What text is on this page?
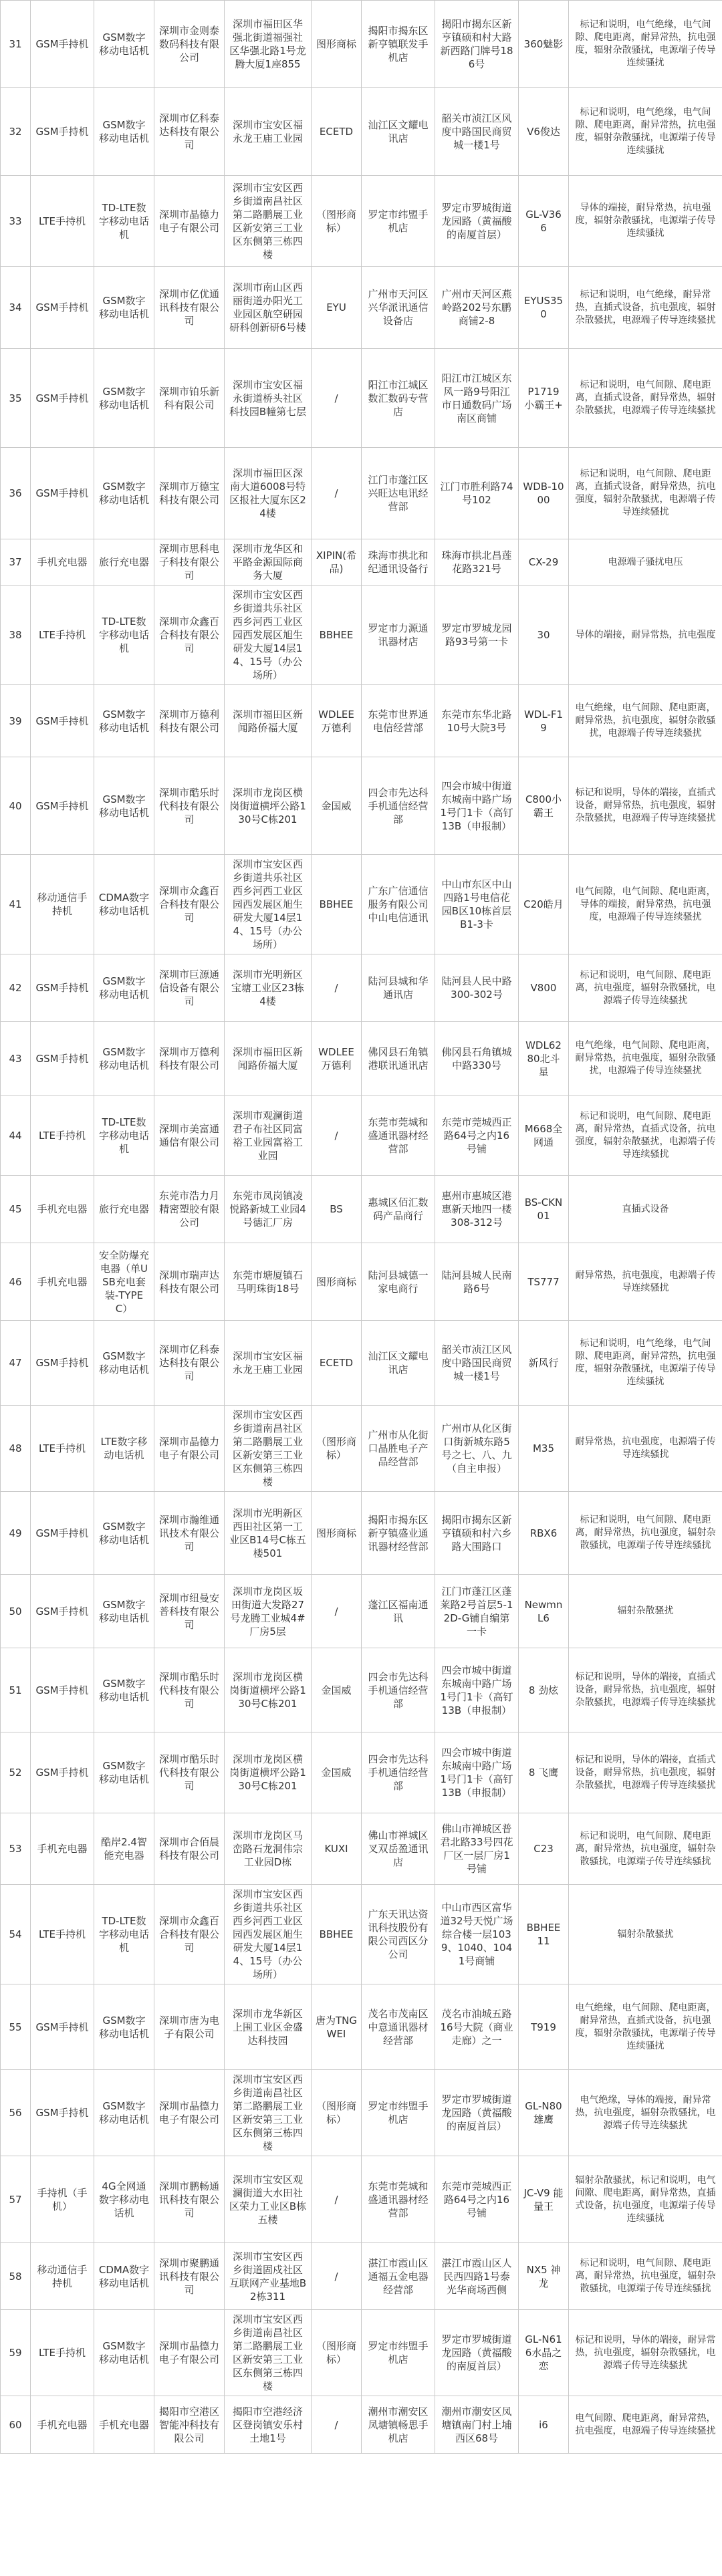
31	GSM手持机	GSM数字移动电话机	深圳市金则泰数码科技有限公司	深圳市福田区华强北街道福强社区华强北路1号龙腾大厦1座855	图形商标	揭阳市揭东区新亨镇联发手机店	揭阳市揭东区新亨镇硕和村大路新西路门牌号186号	360魅影	标记和说明，电气绝缘，电气间隙、爬电距离，耐异常热，抗电强度，辐射杂散骚扰，电源端子传导连续骚扰
32	GSM手持机	GSM数字移动电话机	深圳市亿科泰达科技有限公司	深圳市宝安区福永龙王庙工业园	ECETD	汕江区文耀电讯店	韶关市浈江区风度中路国民商贸城一楼1号	V6俊达	标记和说明，电气绝缘，电气间隙、爬电距离，耐异常热，抗电强度，辐射杂散骚扰，电源端子传导连续骚扰
33	LTE手持机	TD-LTE数字移动电话机	深圳市晶德力电子有限公司	深圳市宝安区西乡街道南昌社区第二路鹏展工业区新安第三工业区东侧第三栋四楼	（图形商标）	罗定市纬盟手机店	罗定市罗城街道龙园路（黄福酸的南厦首层）	GL-V366	导体的端接，耐异常热，抗电强度，辐射杂散骚扰，电源端子传导连续骚扰
34	GSM手持机	GSM数字移动电话机	深圳市亿优通讯科技有限公司	深圳市南山区西丽街道办阳光工业园区航空研园研科创新研6号楼	EYU	广州市天河区兴华派讯通信设备店	广州市天河区燕岭路202号东鹏商铺2-8	EYUS350	标记和说明，电气绝缘，耐异常热，直插式设备，抗电强度，辐射杂散骚扰，电源端子传导连续骚扰
35	GSM手持机	GSM数字移动电话机	深圳市铂乐新科有限公司	深圳市宝安区福永街道桥头社区科技园B幢第七层	/	阳江市江城区数汇数码专营店	阳江市江城区东风一路9号阳江市日通数码广场南区商铺	P1719小霸王+	标记和说明，电气间隙、爬电距离，直插式设备，耐异常热，辐射杂散骚扰，电源端子传导连续骚扰
36	GSM手持机	GSM数字移动电话机	深圳市万德宝科技有限公司	深圳市福田区深南大道6008号特区报社大厦东区24楼	/	江门市蓬江区兴旺达电讯经营部	江门市胜利路74号102	WDB-1000	标记和说明，电气间隙、爬电距离，直插式设备，耐异常热，抗电强度，辐射杂散骚扰，电源端子传导连续骚扰
37	手机充电器	旅行充电器	深圳市思科电子科技有限公司	深圳市龙华区和平路金源国际商务大厦	XIPIN(希品)	珠海市拱北和纪通讯设备行	珠海市拱北昌莲花路321号	CX-29	电源端子骚扰电压
38	LTE手持机	TD-LTE数字移动电话机	深圳市众鑫百合科技有限公司	深圳市宝安区西乡街道共乐社区西乡河西工业区园西发展区旭生研发大厦14层14、15号（办公场所）	BBHEE	罗定市力源通讯器材店	罗定市罗城龙园路93号第一卡	30	导体的端接，耐异常热，抗电强度
39	GSM手持机	GSM数字移动电话机	深圳市万德利科技有限公司	深圳市福田区新闻路侨福大厦	WDLEE万德利	东莞市世界通电信经营部	东莞市东华北路10号大院3号	WDL-F19	电气绝缘，电气间隙、爬电距离，耐异常热，抗电强度，辐射杂散骚扰，电源端子传导连续骚扰
40	GSM手持机	GSM数字移动电话机	深圳市酷乐时代科技有限公司	深圳市龙岗区横岗街道横坪公路130号C栋201	金国威	四会市先达科手机通信经营部	四会市城中街道东城南中路广场1号门1卡（高钉13B（申报制）	C800小霸王	标记和说明，导体的端接，直插式设备，耐异常热，抗电强度，辐射杂散骚扰，电源端子传导连续骚扰
41	移动通信手持机	CDMA数字移动电话机	深圳市众鑫百合科技有限公司	深圳市宝安区西乡街道共乐社区西乡河西工业区园西发展区旭生研发大厦14层14、15号（办公场所）	BBHEE	广东广信通信服务有限公司中山电信通讯	中山市东区中山四路1号电信花园B区10栋首层B1-3卡	C20皓月	电气间隙，电气间隙、爬电距离，导体的端接，耐异常热，抗电强度，电源端子传导连续骚扰
42	GSM手持机	GSM数字移动电话机	深圳市巨源通信设备有限公司	深圳市光明新区宝塘工业区23栋4楼	/	陆河县城和华通讯店	陆河县人民中路300-302号	V800	标记和说明，电气间隙、爬电距离，抗电强度，辐射杂散骚扰，电源端子传导连续骚扰
43	GSM手持机	GSM数字移动电话机	深圳市万德利科技有限公司	深圳市福田区新闻路侨福大厦	WDLEE万德利	佛冈县石角镇港联讯通讯店	佛冈县石角镇城中路330号	WDL6280北斗星	电气绝缘，电气间隙、爬电距离，耐异常热，抗电强度，辐射杂散骚扰，电源端子传导连续骚扰
44	LTE手持机	TD-LTE数字移动电话机	深圳市美富通通信有限公司	深圳市观澜街道君子布社区同富裕工业园富裕工业园	/	东莞市莞城和盛通讯器材经营部	东莞市莞城西正路64号之内16号铺	M668全网通	标记和说明，电气间隙、爬电距离，耐异常热，直插式设备，抗电强度，辐射杂散骚扰，电源端子传导连续骚扰
45	手机充电器	旅行充电器	东莞市浩力月精密塑胶有限公司	东莞市凤岗镇凌悦路新城工业园4号德汇厂房	BS	惠城区佰汇数码产品商行	惠州市惠城区港惠新天地四一楼308-312号	BS-CKN01	直插式设备
46	手机充电器	安全防爆充电器（单USB充电套装-TYPE C）	深圳市瑞声达科技有限公司	东莞市塘厦镇石马明珠街18号	图形商标	陆河县城德一家电商行	陆河县城人民南路6号	TS777	耐异常热，抗电强度，电源端子传导连续骚扰
47	GSM手持机	GSM数字移动电话机	深圳市亿科泰达科技有限公司	深圳市宝安区福永龙王庙工业园	ECETD	汕江区文耀电讯店	韶关市浈江区风度中路国民商贸城一楼1号	新风行	标记和说明，电气绝缘，电气间隙、爬电距离，耐异常热，抗电强度，辐射杂散骚扰，电源端子传导连续骚扰
48	LTE手持机	LTE数字移动电话机	深圳市晶德力电子有限公司	深圳市宝安区西乡街道南昌社区第二路鹏展工业区新安第三工业区东侧第三栋四楼	（图形商标）	广州市从化街口晶胜电子产品经营部	广州市从化区街口街新城东路5号之七、八、九（自主申报）	M35	耐异常热，抗电强度，电源端子传导连续骚扰
49	GSM手持机	GSM数字移动电话机	深圳市瀚维通讯技术有限公司	深圳市光明新区西田社区第一工业区B14号C栋五楼501	图形商标	揭阳市揭东区新亨镇盛业通讯器材经营部	揭阳市揭东区新亨镇硕和村六乡路大围路口	RBX6	标记和说明，电气间隙、爬电距离，耐异常热，抗电强度，辐射杂散骚扰，电源端子传导连续骚扰
50	GSM手持机	GSM数字移动电话机	深圳市纽曼安普科技有限公司	深圳市龙岗区坂田街道大发路27号龙腾工业城4#厂房5层	/	蓬江区福南通讯	江门市蓬江区蓬莱路2号首层5-12D-G铺自编第一卡	Newmn L6	辐射杂散骚扰
51	GSM手持机	GSM数字移动电话机	深圳市酷乐时代科技有限公司	深圳市龙岗区横岗街道横坪公路130号C栋201	金国威	四会市先达科手机通信经营部	四会市城中街道东城南中路广场1号门1卡（高钉13B（申报制）	8 劲炫	标记和说明，导体的端接，直插式设备，耐异常热，抗电强度，辐射杂散骚扰，电源端子传导连续骚扰
52	GSM手持机	GSM数字移动电话机	深圳市酷乐时代科技有限公司	深圳市龙岗区横岗街道横坪公路130号C栋201	金国威	四会市先达科手机通信经营部	四会市城中街道东城南中路广场1号门1卡（高钉13B（申报制）	8 飞鹰	标记和说明，导体的端接，直插式设备，耐异常热，抗电强度，辐射杂散骚扰，电源端子传导连续骚扰
53	手机充电器	酷岸2.4智能充电器	深圳市合佰晨科技有限公司	深圳市龙岗区马峦路石龙洞伟宗工业园D栋	KUXI	佛山市禅城区叉双岳盈通讯店	佛山市禅城区普君北路33号四花厂区一层厂房1号铺	C23	标记和说明，电气间隙、爬电距离，耐异常热，抗电强度，辐射杂散骚扰，电源端子传导连续骚扰
54	LTE手持机	TD-LTE数字移动电话机	深圳市众鑫百合科技有限公司	深圳市宝安区西乡街道共乐社区西乡河西工业区园西发展区旭生研发大厦14层14、15号（办公场所）	BBHEE	广东天讯达资讯科技股份有限公司西区分公司	中山市西区富华道32号天悦广场综合楼一层1039、1040、1041号商铺	BBHEE 11	辐射杂散骚扰
55	GSM手持机	GSM数字移动电话机	深圳市唐为电子有限公司	深圳市龙华新区上围工业区金盛达科技园	唐为TNGWEI	茂名市茂南区中意通讯器材经营部	茂名市油城五路16号大院（商业走廊）之一	T919	电气绝缘，电气间隙、爬电距离，耐异常热，直插式设备，抗电强度，辐射杂散骚扰，电源端子传导连续骚扰
56	GSM手持机	GSM数字移动电话机	深圳市晶德力电子有限公司	深圳市宝安区西乡街道南昌社区第二路鹏展工业区新安第三工业区东侧第三栋四楼	（图形商标）	罗定市纬盟手机店	罗定市罗城街道龙园路（黄福酸的南厦首层）	GL-N80雄鹰	电气绝缘，导体的端接，耐异常热，抗电强度，辐射杂散骚扰，电源端子传导连续骚扰
57	手持机（手机）	4G全网通数字移动电话机	深圳市鹏畅通讯科技有限公司	深圳市宝安区观澜街道大水田社区荣力工业区B栋五楼	/	东莞市莞城和盛通讯器材经营部	东莞市莞城西正路64号之内16号铺	JC-V9 能量王	辐射杂散骚扰，标记和说明，电气间隙、爬电距离，耐异常热，直插式设备，抗电强度，电源端子传导连续骚扰
58	移动通信手持机	CDMA数字移动电话机	深圳市聚鹏通讯科技有限公司	深圳市宝安区西乡街道固戍社区互联网产业基地B2栋311	/	湛江市霞山区通福五金电器经营部	湛江市霞山区人民西四路1号泰光华商场西侧	NX5 神龙	标记和说明，电气间隙、爬电距离，耐异常热，抗电强度，辐射杂散骚扰，电源端子传导连续骚扰
59	LTE手持机	GSM数字移动电话机	深圳市晶德力电子有限公司	深圳市宝安区西乡街道南昌社区第二路鹏展工业区新安第三工业区东侧第三栋四楼	（图形商标）	罗定市纬盟手机店	罗定市罗城街道龙园路（黄福酸的南厦首层）	GL-N616水晶之恋	标记和说明，导体的端接，耐异常热，抗电强度，辐射杂散骚扰，电源端子传导连续骚扰
60	手机充电器	手机充电器	揭阳市空港区智能冲科技有限公司	揭阳市空港经济区登岗镇安乐村土地1号	/	潮州市潮安区凤塘镇畅思手机店	潮州市潮安区凤塘镇南门村上埔西区68号	i6	电气间隙、爬电距离，耐异常热，抗电强度，电源端子传导连续骚扰
